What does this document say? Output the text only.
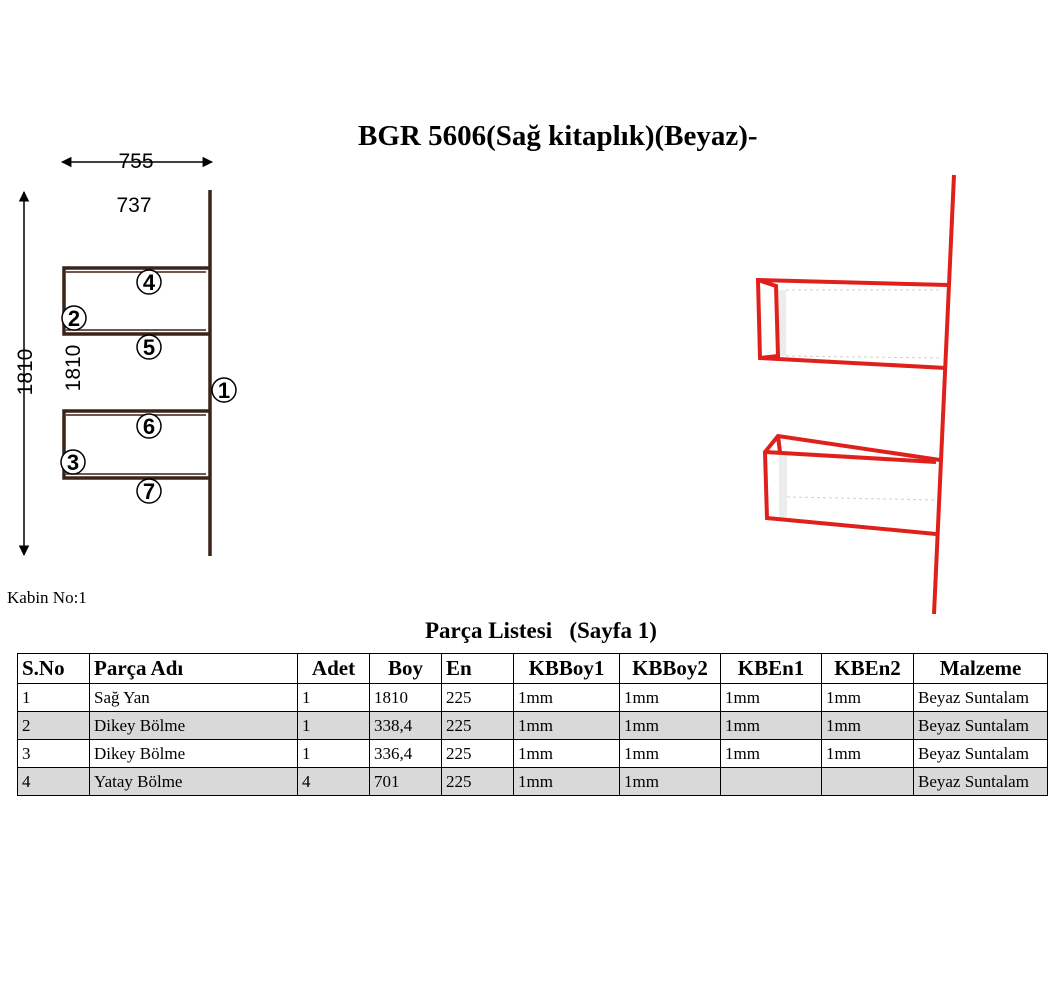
BGR 5606(Sağ kitaplık)(Beyaz)-
755
737
1810 1810	1
2
3
4
5
6
7
Kabin No:1
Parça Listesi   (Sayfa 1)
S.No	Parça Adı	Adet	Boy	En	KBBoy1	KBBoy2	KBEn1	KBEn2	Malzeme
1	Sağ Yan	1	1810	225	1mm	1mm	1mm	1mm	Beyaz Suntalam
2	Dikey Bölme	1	338,4	225	1mm	1mm	1mm	1mm	Beyaz Suntalam
3	Dikey Bölme	1	336,4	225	1mm	1mm	1mm	1mm	Beyaz Suntalam
4	Yatay Bölme	4	701	225	1mm	1mm			Beyaz Suntalam
